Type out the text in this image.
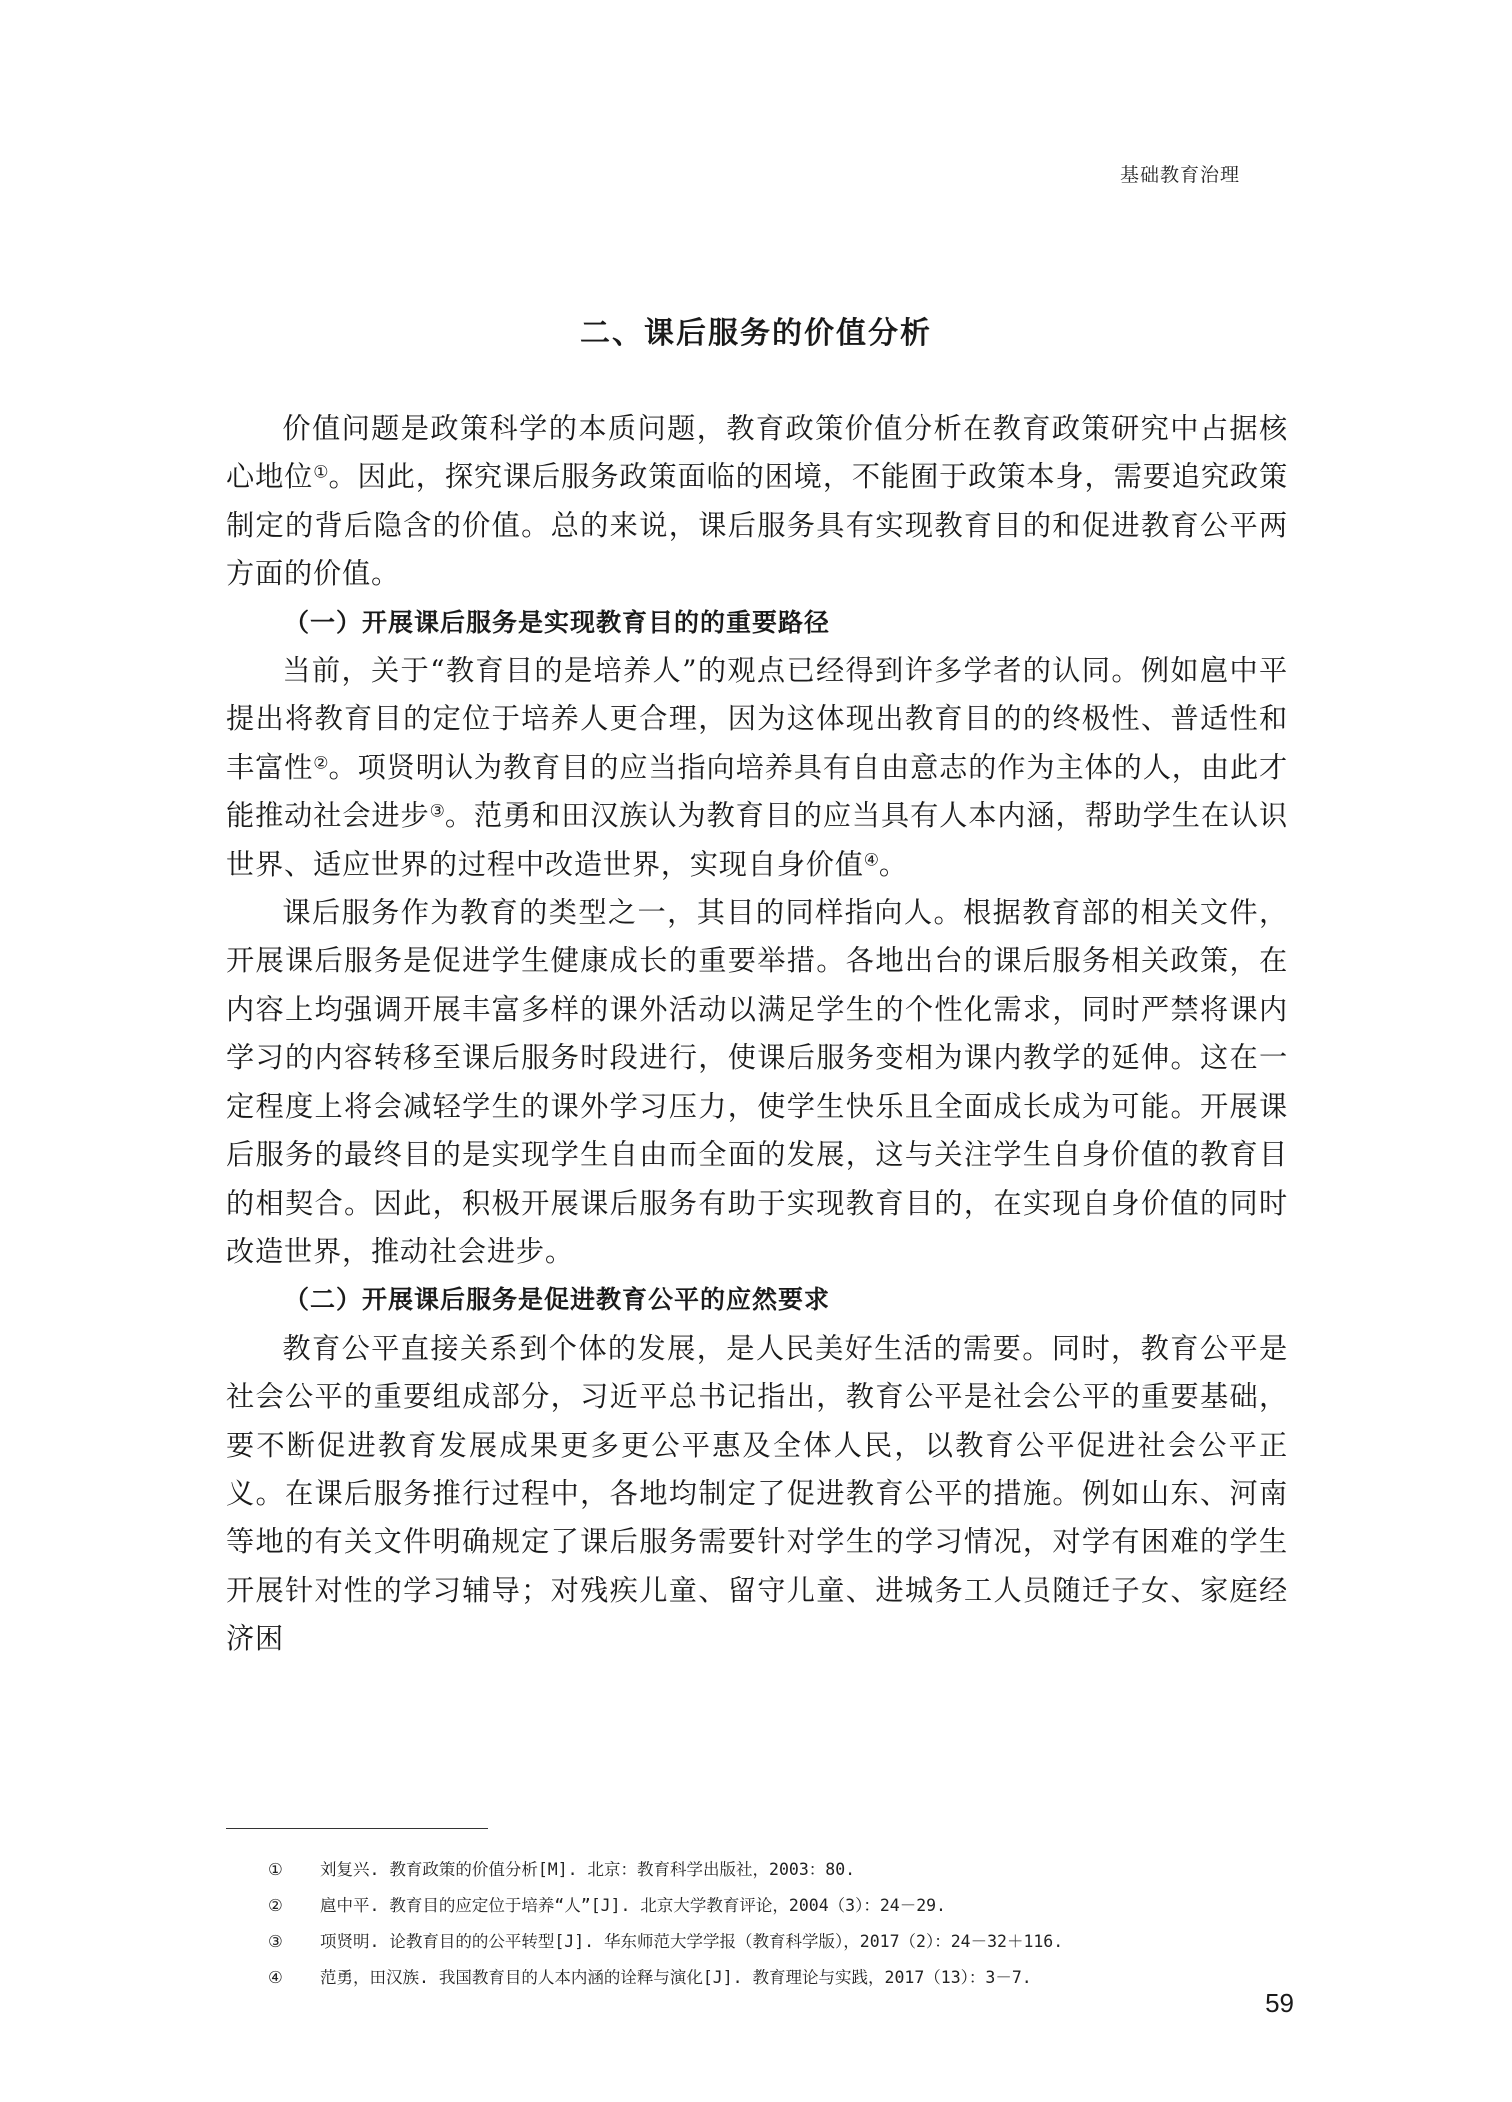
基础教育治理
二、课后服务的价值分析

价值问题是政策科学的本质问题，教育政策价值分析在教育政策研究中占据核心地位①。因此，探究课后服务政策面临的困境，不能囿于政策本身，需要追究政策制定的背后隐含的价值。总的来说，课后服务具有实现教育目的和促进教育公平两方面的价值。

（一）开展课后服务是实现教育目的的重要路径

当前，关于“教育目的是培养人”的观点已经得到许多学者的认同。例如扈中平提出将教育目的定位于培养人更合理，因为这体现出教育目的的终极性、普适性和丰富性②。项贤明认为教育目的应当指向培养具有自由意志的作为主体的人，由此才能推动社会进步③。范勇和田汉族认为教育目的应当具有人本内涵，帮助学生在认识世界、适应世界的过程中改造世界，实现自身价值④。

课后服务作为教育的类型之一，其目的同样指向人。根据教育部的相关文件，开展课后服务是促进学生健康成长的重要举措。各地出台的课后服务相关政策，在内容上均强调开展丰富多样的课外活动以满足学生的个性化需求，同时严禁将课内学习的内容转移至课后服务时段进行，使课后服务变相为课内教学的延伸。这在一定程度上将会减轻学生的课外学习压力，使学生快乐且全面成长成为可能。开展课后服务的最终目的是实现学生自由而全面的发展，这与关注学生自身价值的教育目的相契合。因此，积极开展课后服务有助于实现教育目的，在实现自身价值的同时改造世界，推动社会进步。

（二）开展课后服务是促进教育公平的应然要求

教育公平直接关系到个体的发展，是人民美好生活的需要。同时，教育公平是社会公平的重要组成部分，习近平总书记指出，教育公平是社会公平的重要基础，要不断促进教育发展成果更多更公平惠及全体人民，以教育公平促进社会公平正义。在课后服务推行过程中，各地均制定了促进教育公平的措施。例如山东、河南等地的有关文件明确规定了课后服务需要针对学生的学习情况，对学有困难的学生开展针对性的学习辅导；对残疾儿童、留守儿童、进城务工人员随迁子女、家庭经济困

①	刘复兴. 教育政策的价值分析[M]. 北京：教育科学出版社，2003：80.
②	扈中平. 教育目的应定位于培养“人”[J]. 北京大学教育评论，2004（3）：24－29.
③	项贤明. 论教育目的的公平转型[J]. 华东师范大学学报（教育科学版），2017（2）：24－32＋116.
④	范勇，田汉族. 我国教育目的人本内涵的诠释与演化[J]. 教育理论与实践，2017（13）：3－7.
59
